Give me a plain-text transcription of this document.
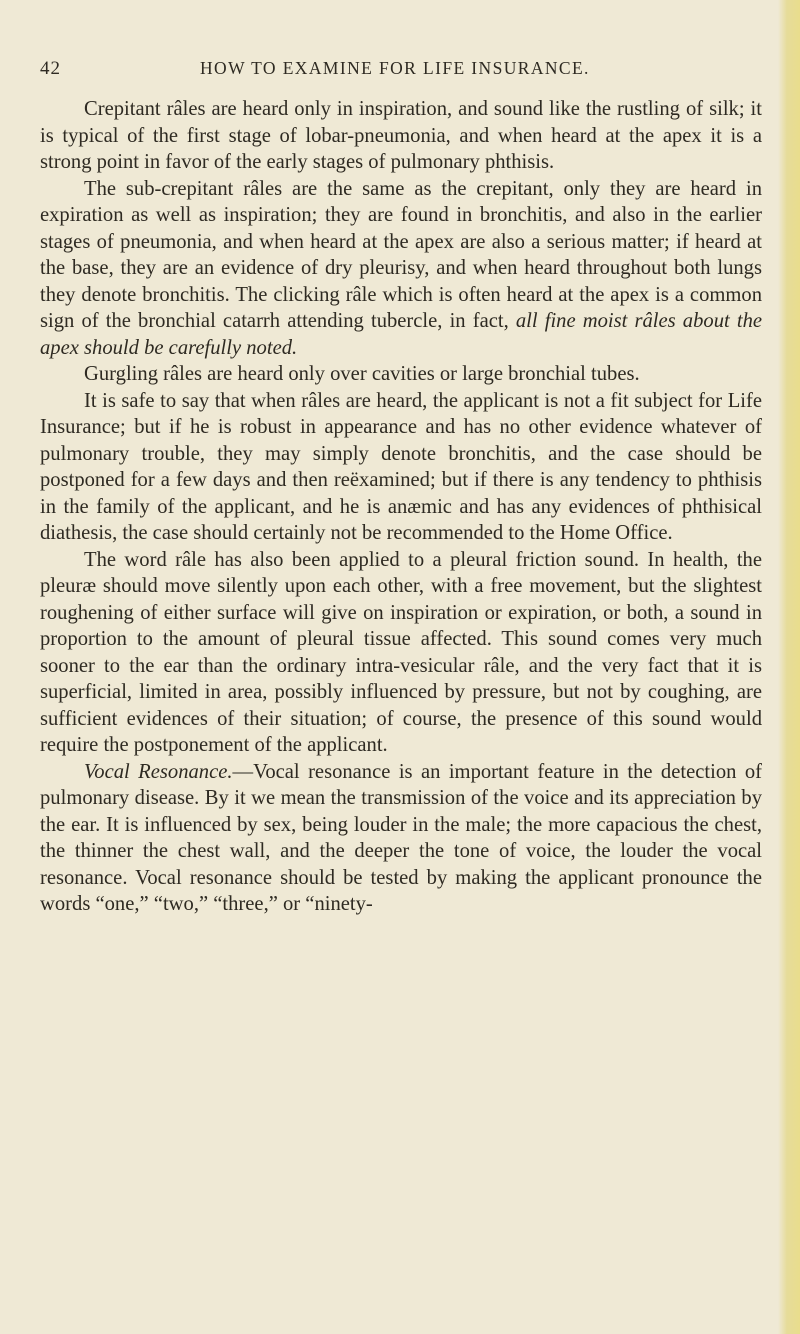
42	HOW TO EXAMINE FOR LIFE INSURANCE.

Crepitant râles are heard only in inspiration, and sound like the rustling of silk; it is typical of the first stage of lobar-pneumonia, and when heard at the apex it is a strong point in favor of the early stages of pulmonary phthisis.

The sub-crepitant râles are the same as the crepitant, only they are heard in expiration as well as inspiration; they are found in bronchitis, and also in the earlier stages of pneumonia, and when heard at the apex are also a serious matter; if heard at the base, they are an evidence of dry pleurisy, and when heard throughout both lungs they denote bronchitis. The clicking râle which is often heard at the apex is a common sign of the bronchial catarrh attending tubercle, in fact, all fine moist râles about the apex should be carefully noted.

Gurgling râles are heard only over cavities or large bronchial tubes.

It is safe to say that when râles are heard, the applicant is not a fit subject for Life Insurance; but if he is robust in appearance and has no other evidence whatever of pulmonary trouble, they may simply denote bronchitis, and the case should be postponed for a few days and then reëxamined; but if there is any tendency to phthisis in the family of the applicant, and he is anæmic and has any evidences of phthisical diathesis, the case should certainly not be recommended to the Home Office.

The word râle has also been applied to a pleural friction sound. In health, the pleuræ should move silently upon each other, with a free movement, but the slightest roughening of either surface will give on inspiration or expiration, or both, a sound in proportion to the amount of pleural tissue affected. This sound comes very much sooner to the ear than the ordinary intra-vesicular râle, and the very fact that it is superficial, limited in area, possibly influenced by pressure, but not by coughing, are sufficient evidences of their situation; of course, the presence of this sound would require the postponement of the applicant.

Vocal Resonance.—Vocal resonance is an important feature in the detection of pulmonary disease. By it we mean the transmission of the voice and its appreciation by the ear. It is influenced by sex, being louder in the male; the more capacious the chest, the thinner the chest wall, and the deeper the tone of voice, the louder the vocal resonance. Vocal resonance should be tested by making the applicant pronounce the words “one,” “two,” “three,” or “ninety-
